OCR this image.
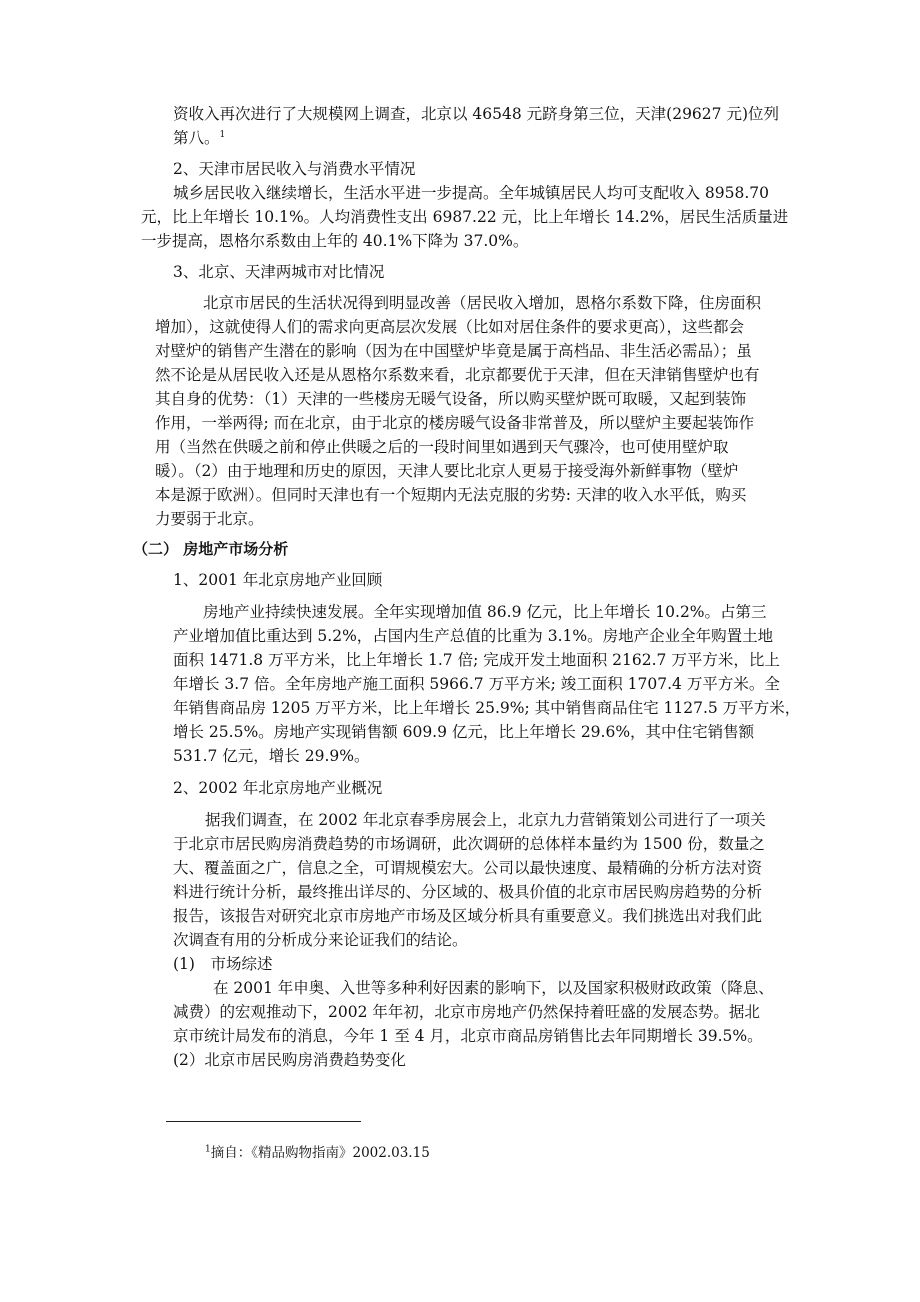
资收入再次进行了大规模网上调查，北京以 46548 元跻身第三位，天津(29627 元)位列
第八。$^1$
2、天津市居民收入与消费水平情况
城乡居民收入继续增长，生活水平进一步提高。全年城镇居民人均可支配收入 8958.70
元，比上年增长 10.1%。人均消费性支出 6987.22 元，比上年增长 14.2%，居民生活质量进
一步提高，恩格尔系数由上年的 40.1%下降为 37.0%。
3、北京、天津两城市对比情况
北京市居民的生活状况得到明显改善（居民收入增加，恩格尔系数下降，住房面积
增加），这就使得人们的需求向更高层次发展（比如对居住条件的要求更高），这些都会
对壁炉的销售产生潜在的影响（因为在中国壁炉毕竟是属于高档品、非生活必需品）；虽
然不论是从居民收入还是从恩格尔系数来看，北京都要优于天津，但在天津销售壁炉也有
其自身的优势：（1）天津的一些楼房无暖气设备，所以购买壁炉既可取暖，又起到装饰
作用，一举两得; 而在北京，由于北京的楼房暖气设备非常普及，所以壁炉主要起装饰作
用（当然在供暖之前和停止供暖之后的一段时间里如遇到天气骤冷，也可使用壁炉取
暖）。（2）由于地理和历史的原因，天津人要比北京人更易于接受海外新鲜事物（壁炉
本是源于欧洲）。但同时天津也有一个短期内无法克服的劣势: 天津的收入水平低，购买
力要弱于北京。
（二） 房地产市场分析
1、2001 年北京房地产业回顾
房地产业持续快速发展。全年实现增加值 86.9 亿元，比上年增长 10.2%。占第三
产业增加值比重达到 5.2%，占国内生产总值的比重为 3.1%。房地产企业全年购置土地
面积 1471.8 万平方米，比上年增长 1.7 倍; 完成开发土地面积 2162.7 万平方米，比上
年增长 3.7 倍。全年房地产施工面积 5966.7 万平方米; 竣工面积 1707.4 万平方米。全
年销售商品房 1205 万平方米，比上年增长 25.9%; 其中销售商品住宅 1127.5 万平方米，
增长 25.5%。房地产实现销售额 609.9 亿元，比上年增长 29.6%，其中住宅销售额
531.7 亿元，增长 29.9%。
2、2002 年北京房地产业概况
据我们调查，在 2002 年北京春季房展会上，北京九力营销策划公司进行了一项关
于北京市居民购房消费趋势的市场调研，此次调研的总体样本量约为 1500 份，数量之
大、覆盖面之广，信息之全，可谓规模宏大。公司以最快速度、最精确的分析方法对资
料进行统计分析，最终推出详尽的、分区域的、极具价值的北京市居民购房趋势的分析
报告，该报告对研究北京市房地产市场及区域分析具有重要意义。我们挑选出对我们此
次调查有用的分析成分来论证我们的结论。
(1)　市场综述
在 2001 年申奥、入世等多种利好因素的影响下，以及国家积极财政政策（降息、
减费）的宏观推动下，2002 年年初，北京市房地产仍然保持着旺盛的发展态势。据北
京市统计局发布的消息，今年 1 至 4 月，北京市商品房销售比去年同期增长 39.5%。
(2）北京市居民购房消费趋势变化
$^1$摘自：《精品购物指南》2002.03.15
